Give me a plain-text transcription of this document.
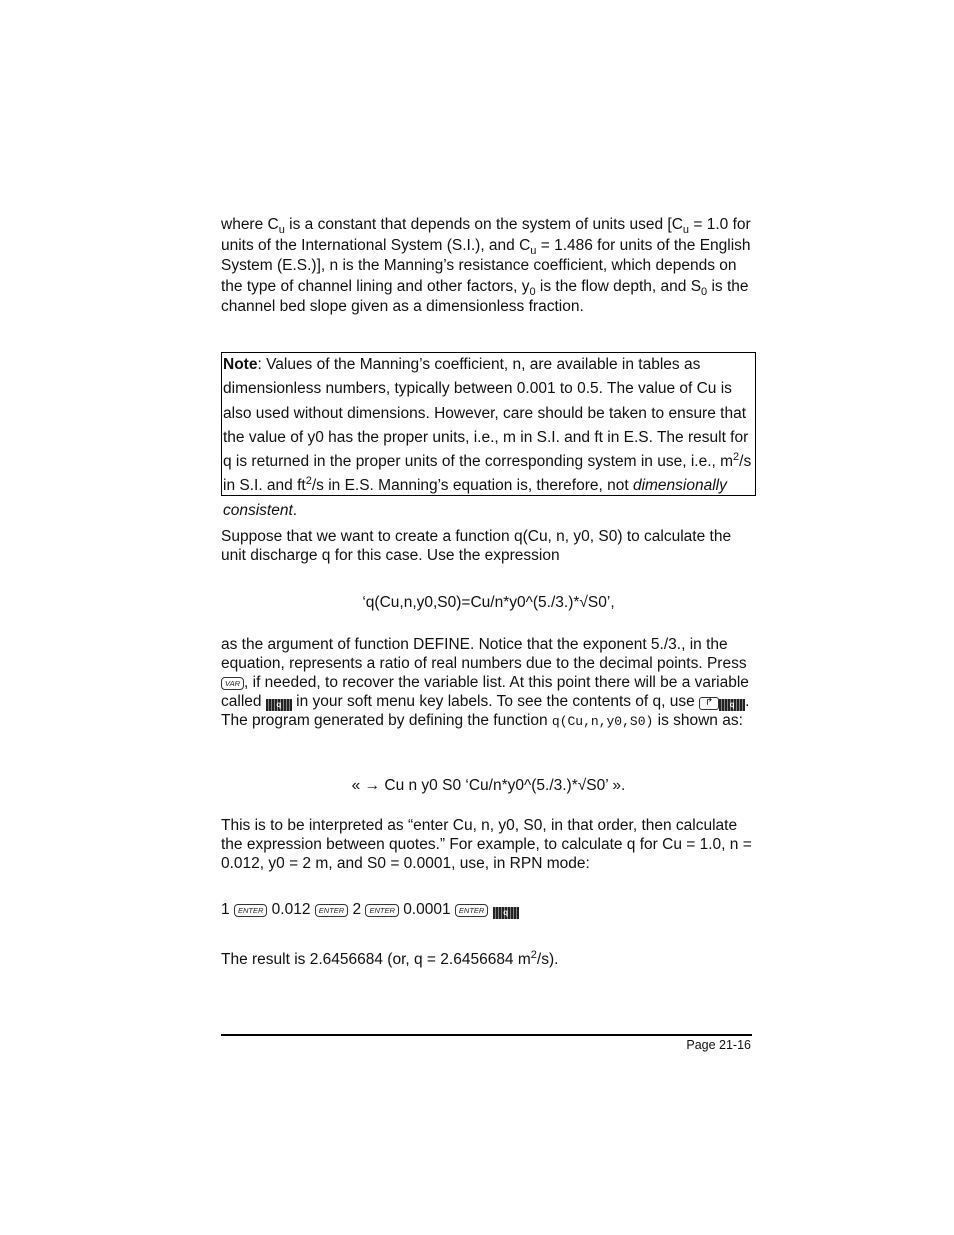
where $C_u$ is a constant that depends on the system of units used [$C_u = 1.0$ for units of the International System (S.I.), and $C_u = 1.486$ for units of the English System (E.S.)], n is the Manning’s resistance coefficient, which depends on the type of channel lining and other factors, $y_0$ is the flow depth, and $S_0$ is the channel bed slope given as a dimensionless fraction.

Note: Values of the Manning’s coefficient, n, are available in tables as dimensionless numbers, typically between 0.001 to 0.5. The value of Cu is also used without dimensions. However, care should be taken to ensure that the value of y0 has the proper units, i.e., m in S.I. and ft in E.S. The result for q is returned in the proper units of the corresponding system in use, i.e., $m^2/s$ in S.I. and $ft^2/s$ in E.S. Manning’s equation is, therefore, not dimensionally consistent.

Suppose that we want to create a function q(Cu, n, y0, S0) to calculate the unit discharge q for this case. Use the expression

‘q(Cu,n,y0,S0)=Cu/n*y0^(5./3.)*√S0’,

as the argument of function DEFINE. Notice that the exponent 5./3., in the equation, represents a ratio of real numbers due to the decimal points. Press VAR , if needed, to recover the variable list. At this point there will be a variable called q in your soft menu key labels. To see the contents of q, use ↱ q . The program generated by defining the function q(Cu,n,y0,S0) is shown as:

« → Cu n y0 S0 ‘Cu/n*y0^(5./3.)*√S0’ ».

This is to be interpreted as “enter Cu, n, y0, S0, in that order, then calculate the expression between quotes.” For example, to calculate q for Cu = 1.0, n = 0.012, y0 = 2 m, and S0 = 0.0001, use, in RPN mode:

1 ENTER 0.012 ENTER 2 ENTER 0.0001 ENTER q

The result is 2.6456684 (or, q = 2.6456684 $m^2/s$).

Page 21-16
